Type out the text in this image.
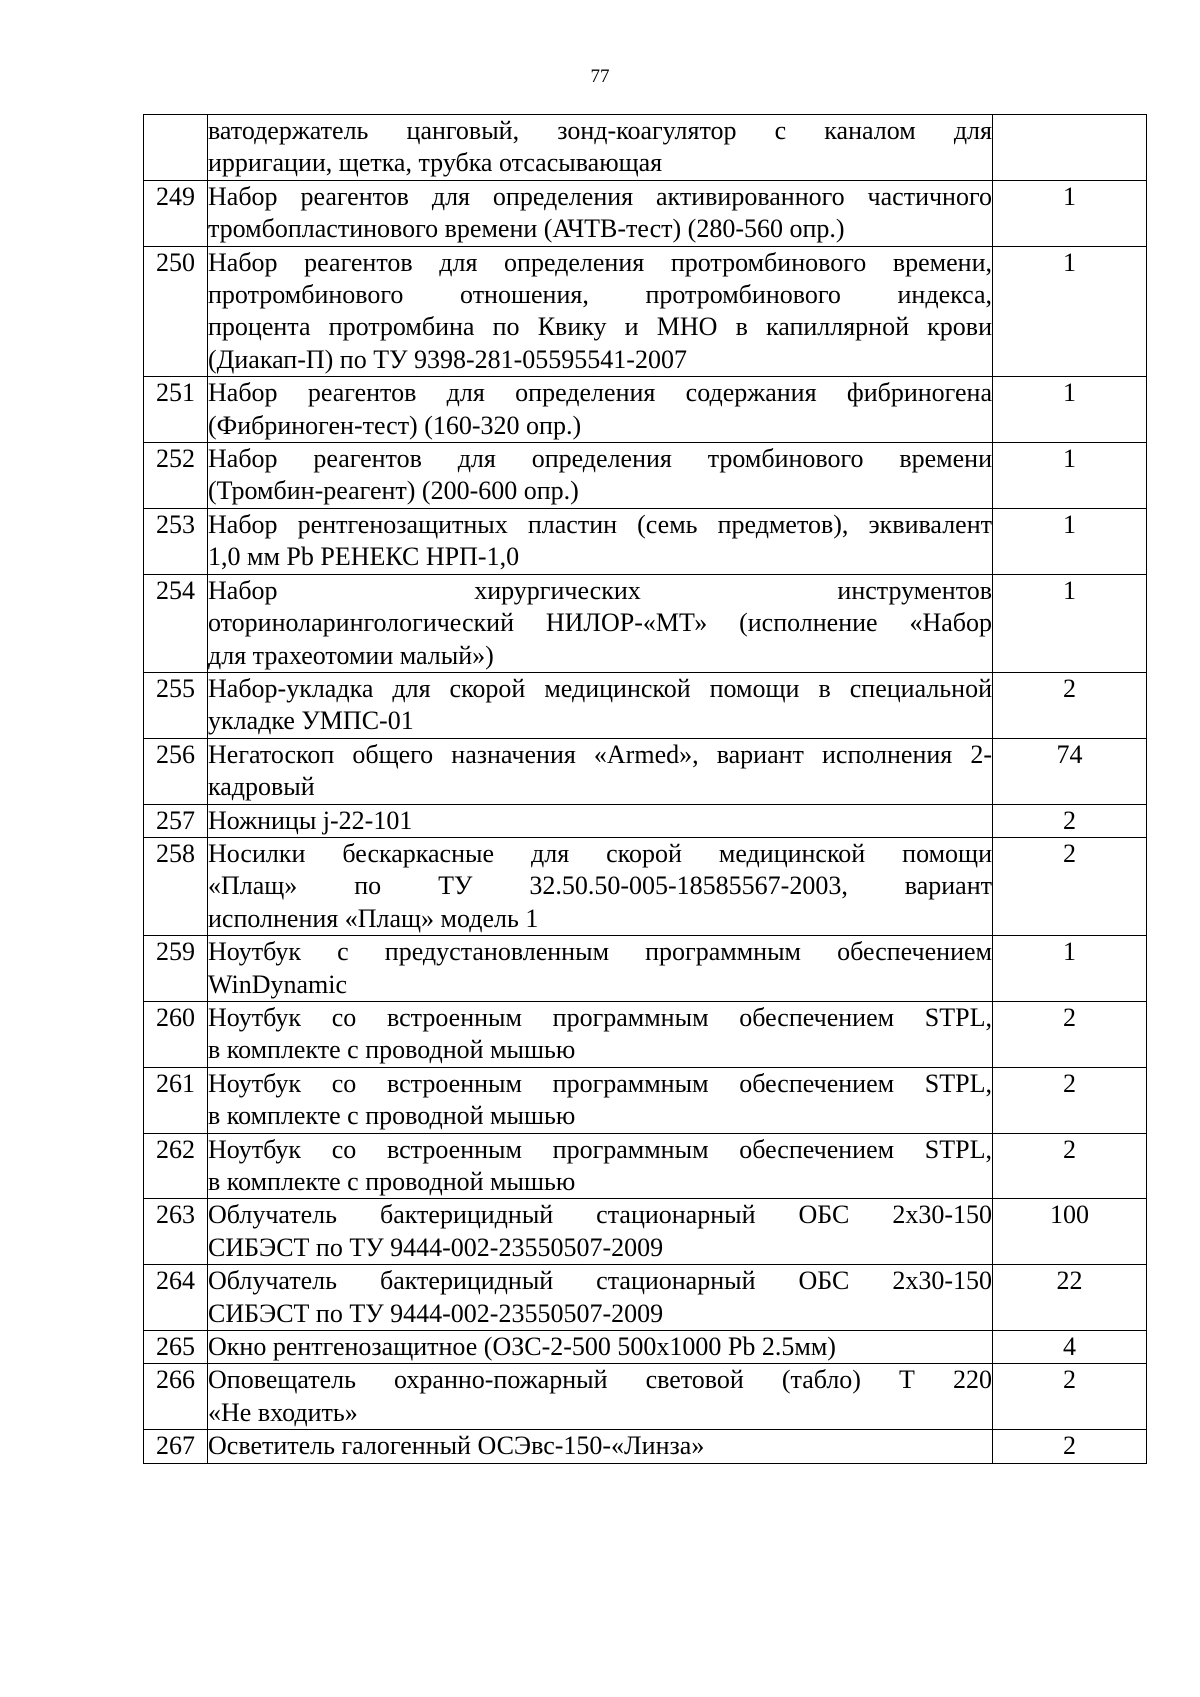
77

	ватодержатель цанговый, зонд-коагулятор с каналом для
ирригации, щетка, трубка отсасывающая	

249	Набор реагентов для определения активированного частичного
тромбопластинового времени (АЧТВ-тест) (280-560 опр.)	1
250	Набор реагентов для определения протромбинового времени,
протромбинового отношения, протромбинового индекса,
процента протромбина по Квику и МНО в капиллярной крови
(Диакап-П) по ТУ 9398-281-05595541-2007	1
251	Набор реагентов для определения содержания фибриногена
(Фибриноген-тест) (160-320 опр.)	1
252	Набор реагентов для определения тромбинового времени
(Тромбин-реагент) (200-600 опр.)	1
253	Набор рентгенозащитных пластин (семь предметов), эквивалент
1,0 мм Pb РЕНЕКС НРП-1,0	1
254	Набор хирургических инструментов
оториноларингологический НИЛОР-«МТ» (исполнение «Набор
для трахеотомии малый»)	1
255	Набор-укладка для скорой медицинской помощи в специальной
укладке УМПС-01	2
256	Негатоскоп общего назначения «Armed», вариант исполнения 2-
кадровый	74
257	Ножницы j-22-101	2
258	Носилки бескаркасные для скорой медицинской помощи
«Плащ» по ТУ 32.50.50-005-18585567-2003, вариант
исполнения «Плащ» модель 1	2
259	Ноутбук с предустановленным программным обеспечением
WinDynamic	1
260	Ноутбук со встроенным программным обеспечением STPL,
в комплекте с проводной мышью	2
261	Ноутбук со встроенным программным обеспечением STPL,
в комплекте с проводной мышью	2
262	Ноутбук со встроенным программным обеспечением STPL,
в комплекте с проводной мышью	2
263	Облучатель бактерицидный стационарный ОБС 2х30-150
СИБЭСТ по ТУ 9444-002-23550507-2009	100
264	Облучатель бактерицидный стационарный ОБС 2х30-150
СИБЭСТ по ТУ 9444-002-23550507-2009	22
265	Окно рентгенозащитное (ОЗС-2-500 500х1000 Pb 2.5мм)	4
266	Оповещатель охранно-пожарный световой (табло) Т 220
«Не входить»	2
267	Осветитель галогенный ОСЭвс-150-«Линза»	2
